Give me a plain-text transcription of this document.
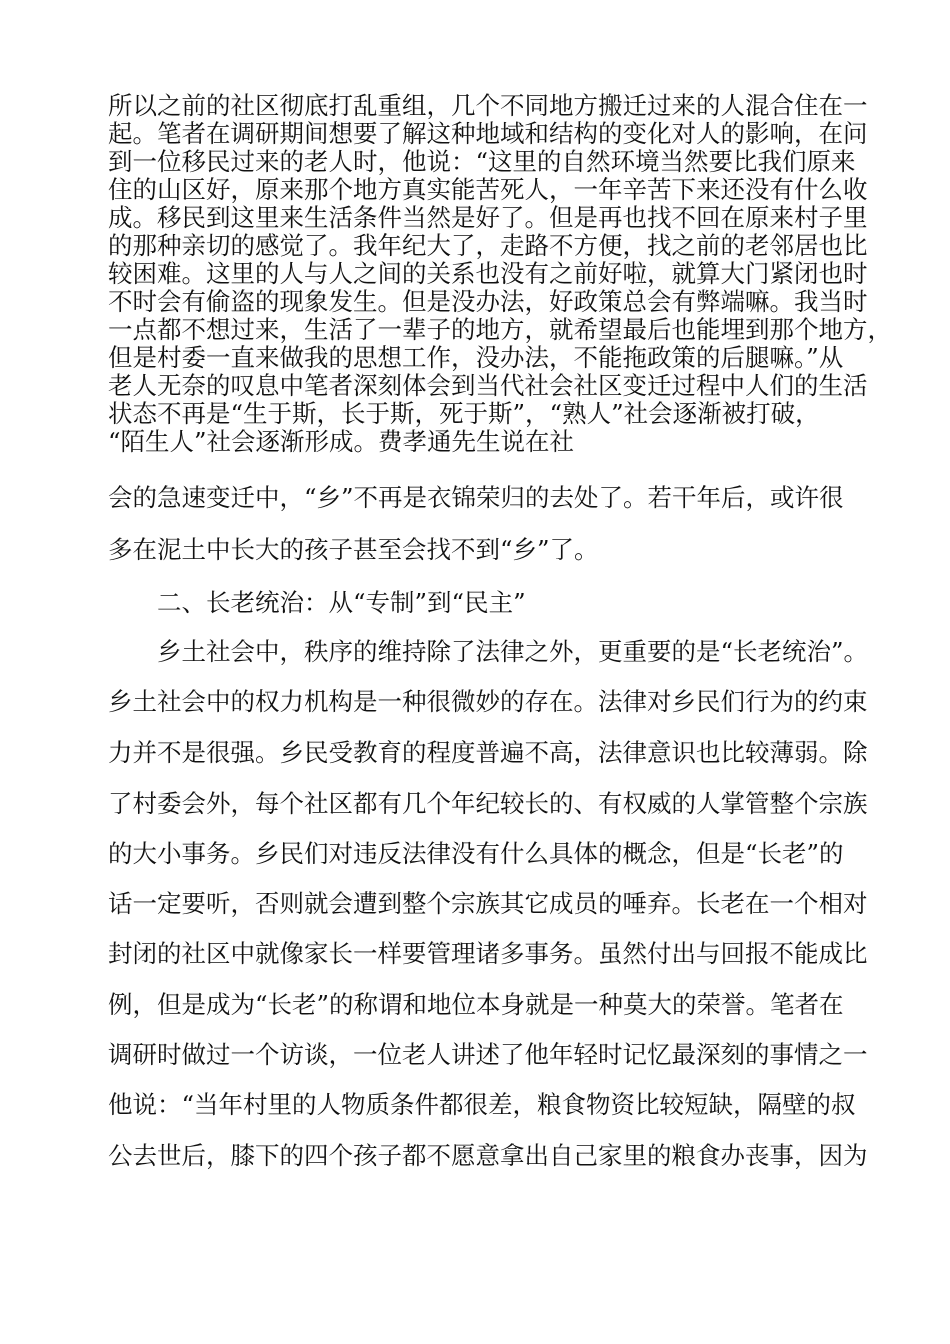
所以之前的社区彻底打乱重组，几个不同地方搬迁过来的人混合住在一

起。笔者在调研期间想要了解这种地域和结构的变化对人的影响，在问

到一位移民过来的老人时，他说：“这里的自然环境当然要比我们原来

住的山区好，原来那个地方真实能苦死人，一年辛苦下来还没有什么收

成。移民到这里来生活条件当然是好了。但是再也找不回在原来村子里

的那种亲切的感觉了。我年纪大了，走路不方便，找之前的老邻居也比

较困难。这里的人与人之间的关系也没有之前好啦，就算大门紧闭也时

不时会有偷盗的现象发生。但是没办法，好政策总会有弊端嘛。我当时

一点都不想过来，生活了一辈子的地方，就希望最后也能埋到那个地方，

但是村委一直来做我的思想工作，没办法，不能拖政策的后腿嘛。”从

老人无奈的叹息中笔者深刻体会到当代社会社区变迁过程中人们的生活

状态不再是“生于斯，长于斯，死于斯”，“熟人”社会逐渐被打破，

“陌生人”社会逐渐形成。费孝通先生说在社

会的急速变迁中，“乡”不再是衣锦荣归的去处了。若干年后，或许很

多在泥土中长大的孩子甚至会找不到“乡”了。

二、长老统治：从“专制”到“民主”

乡土社会中，秩序的维持除了法律之外，更重要的是“长老统治”。

乡土社会中的权力机构是一种很微妙的存在。法律对乡民们行为的约束

力并不是很强。乡民受教育的程度普遍不高，法律意识也比较薄弱。除

了村委会外，每个社区都有几个年纪较长的、有权威的人掌管整个宗族

的大小事务。乡民们对违反法律没有什么具体的概念，但是“长老”的

话一定要听，否则就会遭到整个宗族其它成员的唾弃。长老在一个相对

封闭的社区中就像家长一样要管理诸多事务。虽然付出与回报不能成比

例，但是成为“长老”的称谓和地位本身就是一种莫大的荣誉。笔者在

调研时做过一个访谈，一位老人讲述了他年轻时记忆最深刻的事情之一

他说：“当年村里的人物质条件都很差，粮食物资比较短缺，隔壁的叔

公去世后，膝下的四个孩子都不愿意拿出自己家里的粮食办丧事，因为
